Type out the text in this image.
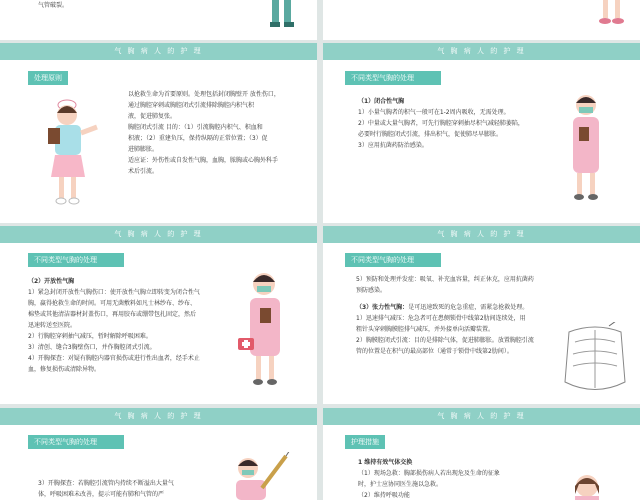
气管破裂。

气 胸 病 人 的 护 理
处理原则

以抢救生命为首要原则。处理包括封闭胸壁开 放性伤口，

通过胸腔穿刺或胸腔闭式引流排除胸腔内积气积

液，促进肺复张。

胸腔闭式引流 目的：（1）引流胸腔内积气、积血和

积液；（2）重建负压，保持纵隔的正常位置；（3）促

进肺膨胀。

适应证：外伤性或自发性气胸，血胸，脓胸或心胸外科手

术后引流。

气 胸 病 人 的 护 理
不同类型气胸的处理

（1）闭合性气胸

1）小量气胸者的积气一般可在1-2周内吸收，无需处理。

2）中量或大量气胸者，可先行胸腔穿刺抽尽积气减轻肺萎陷，

必要时行胸腔闭式引流，排出积气，促使肺尽早膨胀。

3）应用抗菌药防治感染。

气 胸 病 人 的 护 理
不同类型气胸的处理

（2）开放性气胸

1）紧急封闭开放性气胸伤口：使开放性气胸立即转变为闭合性气

胸，赢得抢救生命的时间。可用无菌敷料如凡士林纱布、纱布、

棉垫或其他清洁器材封盖伤口，再用胶布或绷带包扎固定，然后

迅速转送至医院。

2）行胸腔穿刺抽气减压，暂时解除呼吸困难。

3）清创、缝合3胸壁伤口，并作胸腔闭式引流。

4）开胸探查：对疑有胸腔内器官损伤或进行性出血者，经手术止

血，修复损伤或清除异物。

气 胸 病 人 的 护 理
不同类型气胸的处理

5）预防和处理并发症：吸氧、补充血容量，纠正休克，应用抗菌药

预防感染。

（3）张力性气胸：是可迅速致死的危急重症，需紧急抢救处理。

1）迅速排气减压：危急者可在患侧锁骨中线第2肋间连续处，用

粗针头穿刺胸膜腔排气减压，并外接单向活瓣装置。

2）胸膜腔闭式引流：目的是排除气体，促进肺膨胀。放置胸腔引流

管的位置是在积气的最高部位（通常于锁骨中线第2肋间）。

气 胸 病 人 的 护 理
不同类型气胸的处理

3）开胸探查：若胸腔引流管内持续不断溢出大量气

体，呼吸困难未改善，提示可能有肺和气管的严

气 胸 病 人 的 护 理
护理措施

1 维持有效气体交换

（1）现场急救：胸部损伤病人若出现危及生命的征象

时，护士应协同医生施以急救。

（2）维持呼吸功能
